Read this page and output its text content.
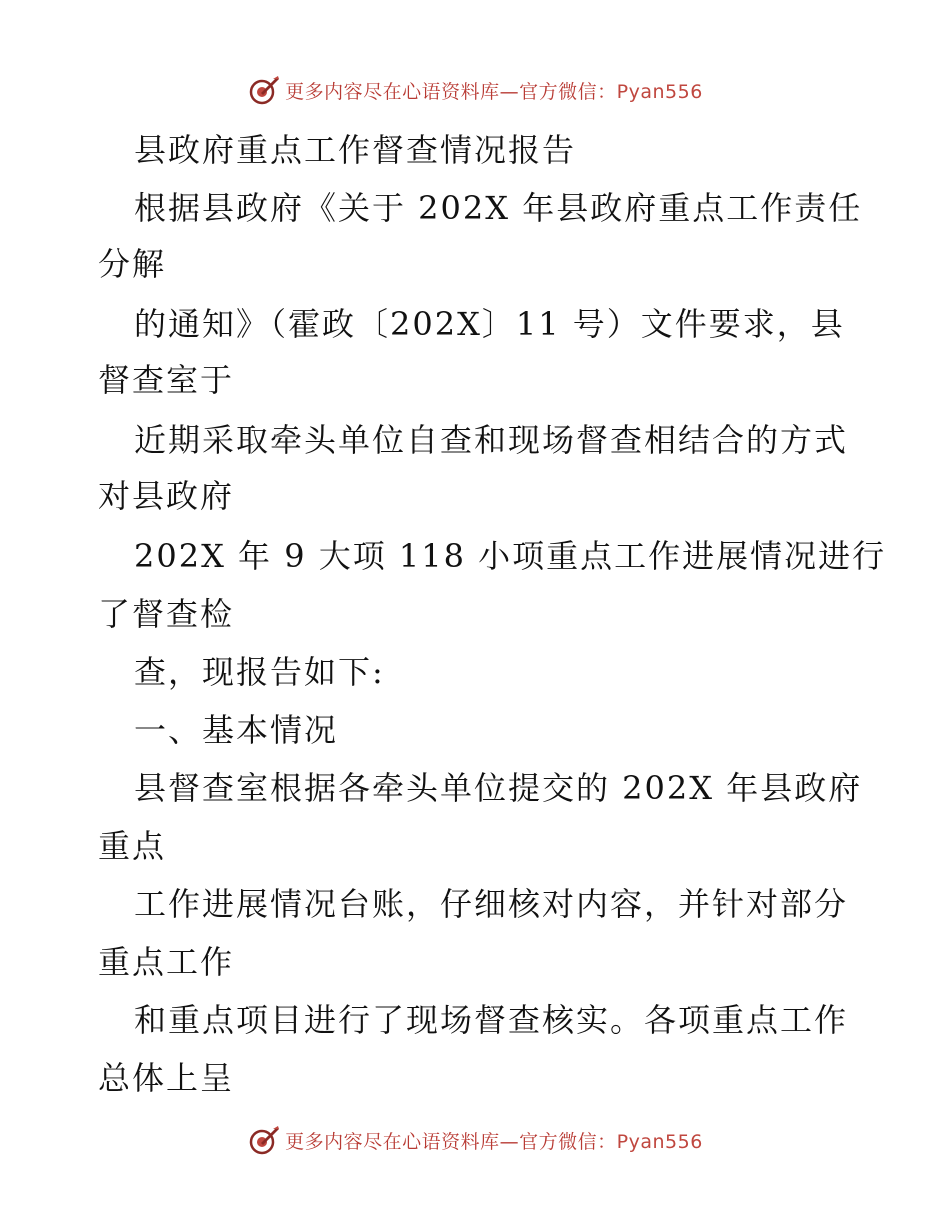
更多内容尽在心语资料库—官方微信：Pyan556
县政府重点工作督查情况报告
根据县政府《关于 202X 年县政府重点工作责任
分解
的通知》（霍政〔202X〕11 号）文件要求，县
督查室于
近期采取牵头单位自查和现场督查相结合的方式
对县政府
202X 年 9 大项 118 小项重点工作进展情况进行
了督查检
查，现报告如下:
一、基本情况
县督查室根据各牵头单位提交的 202X 年县政府
重点
工作进展情况台账，仔细核对内容，并针对部分
重点工作
和重点项目进行了现场督查核实。各项重点工作
总体上呈
更多内容尽在心语资料库—官方微信：Pyan556
